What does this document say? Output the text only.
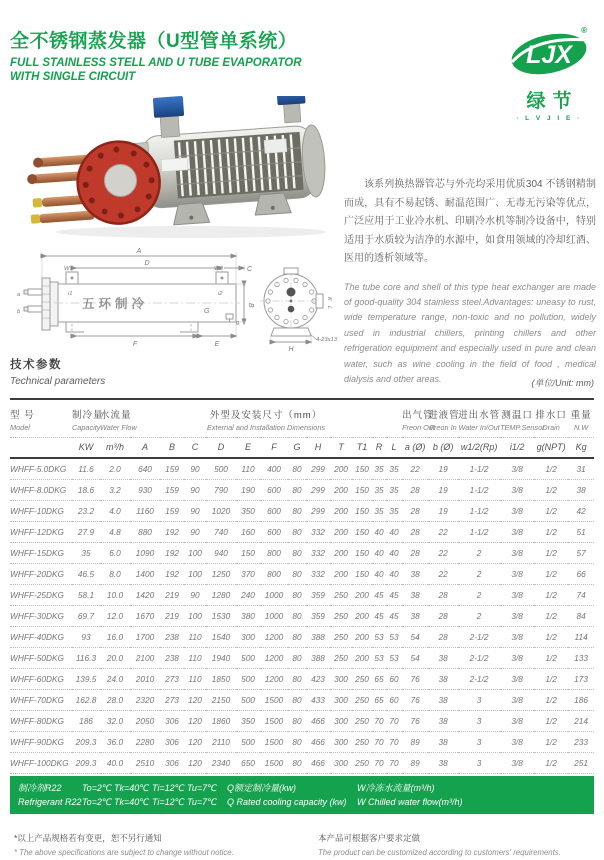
全不锈钢蒸发器（U型管单系统）
FULL STAINLESS STELL AND U TUBE EVAPORATOR
WITH SINGLE CIRCUIT
®
LJX
绿节
· L V J I E ·
该系列换热器管芯与外壳均采用优质304 不锈钢精制而成，具有不易起锈、耐温范围广、无毒无污染等优点，广泛应用于工业冷水机、印刷冷水机等制冷设备中，特别适用于水质较为洁净的水源中，如食用领域的冷却红酒、医用的透析领域等。
The tube core and shell of this type heat exchanger are made of good-quality 304 stainless steel.Advantages: uneasy to rust, wide temperature range, non-toxic and no pollution, widely used in industrial chillers, printing chillers and other refrigeration equipment and especially used in pure and clean water, such as wine cooling in the field of food , medical dialysis and other areas.
A
D
C
W1	W2
i1	i2
a
b
B
G
g
F	E
K
L
H
4-23x13
五环制冷
技术参数
Technical parameters	(单位/Unit: mm)
型 号
Model

制冷量
Capacity

水流量
Water Flow

外型及安装尺寸（mm）
External and Installation Dimensions

出气管
Freon Out

进液管
Freon In

进出水管
Water In/Out

测温口
TEMP.Sensor

排水口
Drain

重量
N.W

	KW	m³/h	A	B	C	D	E	F	G	H	T	T1	R	L	a (Ø)	b (Ø)	w1/2(Rp)	i1/2	g(NPT)	Kg
WHFF-5.0DKG	11.6	2.0	640	159	90	500	110	400	80	299	200	150	35	35	22	19	1-1/2	3/8	1/2	31
WHFF-8.0DKG	18.6	3.2	930	159	90	790	190	600	80	299	200	150	35	35	28	19	1-1/2	3/8	1/2	38
WHFF-10DKG	23.2	4.0	1160	159	90	1020	350	600	80	299	200	150	35	35	28	19	1-1/2	3/8	1/2	42
WHFF-12DKG	27.9	4.8	880	192	90	740	160	600	80	332	200	150	40	40	28	22	1-1/2	3/8	1/2	51
WHFF-15DKG	35	6.0	1090	192	100	940	150	800	80	332	200	150	40	40	28	22	2	3/8	1/2	57
WHFF-20DKG	46.5	8.0	1400	192	100	1250	370	800	80	332	200	150	40	40	38	22	2	3/8	1/2	66
WHFF-25DKG	58.1	10.0	1420	219	90	1280	240	1000	80	359	250	200	45	45	38	28	2	3/8	1/2	74
WHFF-30DKG	69.7	12.0	1670	219	100	1530	380	1000	80	359	250	200	45	45	38	28	2	3/8	1/2	84
WHFF-40DKG	93	16.0	1700	238	110	1540	300	1200	80	388	250	200	53	53	54	28	2-1/2	3/8	1/2	114
WHFF-50DKG	116.3	20.0	2100	238	110	1940	500	1200	80	388	250	200	53	53	54	38	2-1/2	3/8	1/2	133
WHFF-60DKG	139.5	24.0	2010	273	110	1850	500	1200	80	423	300	250	65	60	76	38	2-1/2	3/8	1/2	173
WHFF-70DKG	162.8	28.0	2320	273	120	2150	500	1500	80	433	300	250	65	60	76	38	3	3/8	1/2	186
WHFF-80DKG	186	32.0	2050	306	120	1860	350	1500	80	466	300	250	70	70	76	38	3	3/8	1/2	214
WHFF-90DKG	209.3	36.0	2280	306	120	2110	500	1500	80	466	300	250	70	70	89	38	3	3/8	1/2	233
WHFF-100DKG	209.3	40.0	2510	306	120	2340	650	1500	80	466	300	250	70	70	89	38	3	3/8	1/2	251
制冷剂R22	To=2℃ Tk=40℃ Ti=12℃ Tu=7℃	Q额定制冷量(kw)	W冷冻水流量(m³/h)
Refrigerant R22 To=2℃ Tk=40℃ Ti=12℃ Tu=7℃	Q Rated cooling capacity (kw)	W Chilled water flow(m³/h)
*以上产品规格若有变更，恕不另行通知
* The above specifications are subject to change without notice.
本产品可根据客户要求定做
The product can be customized according to customers' requirements.
